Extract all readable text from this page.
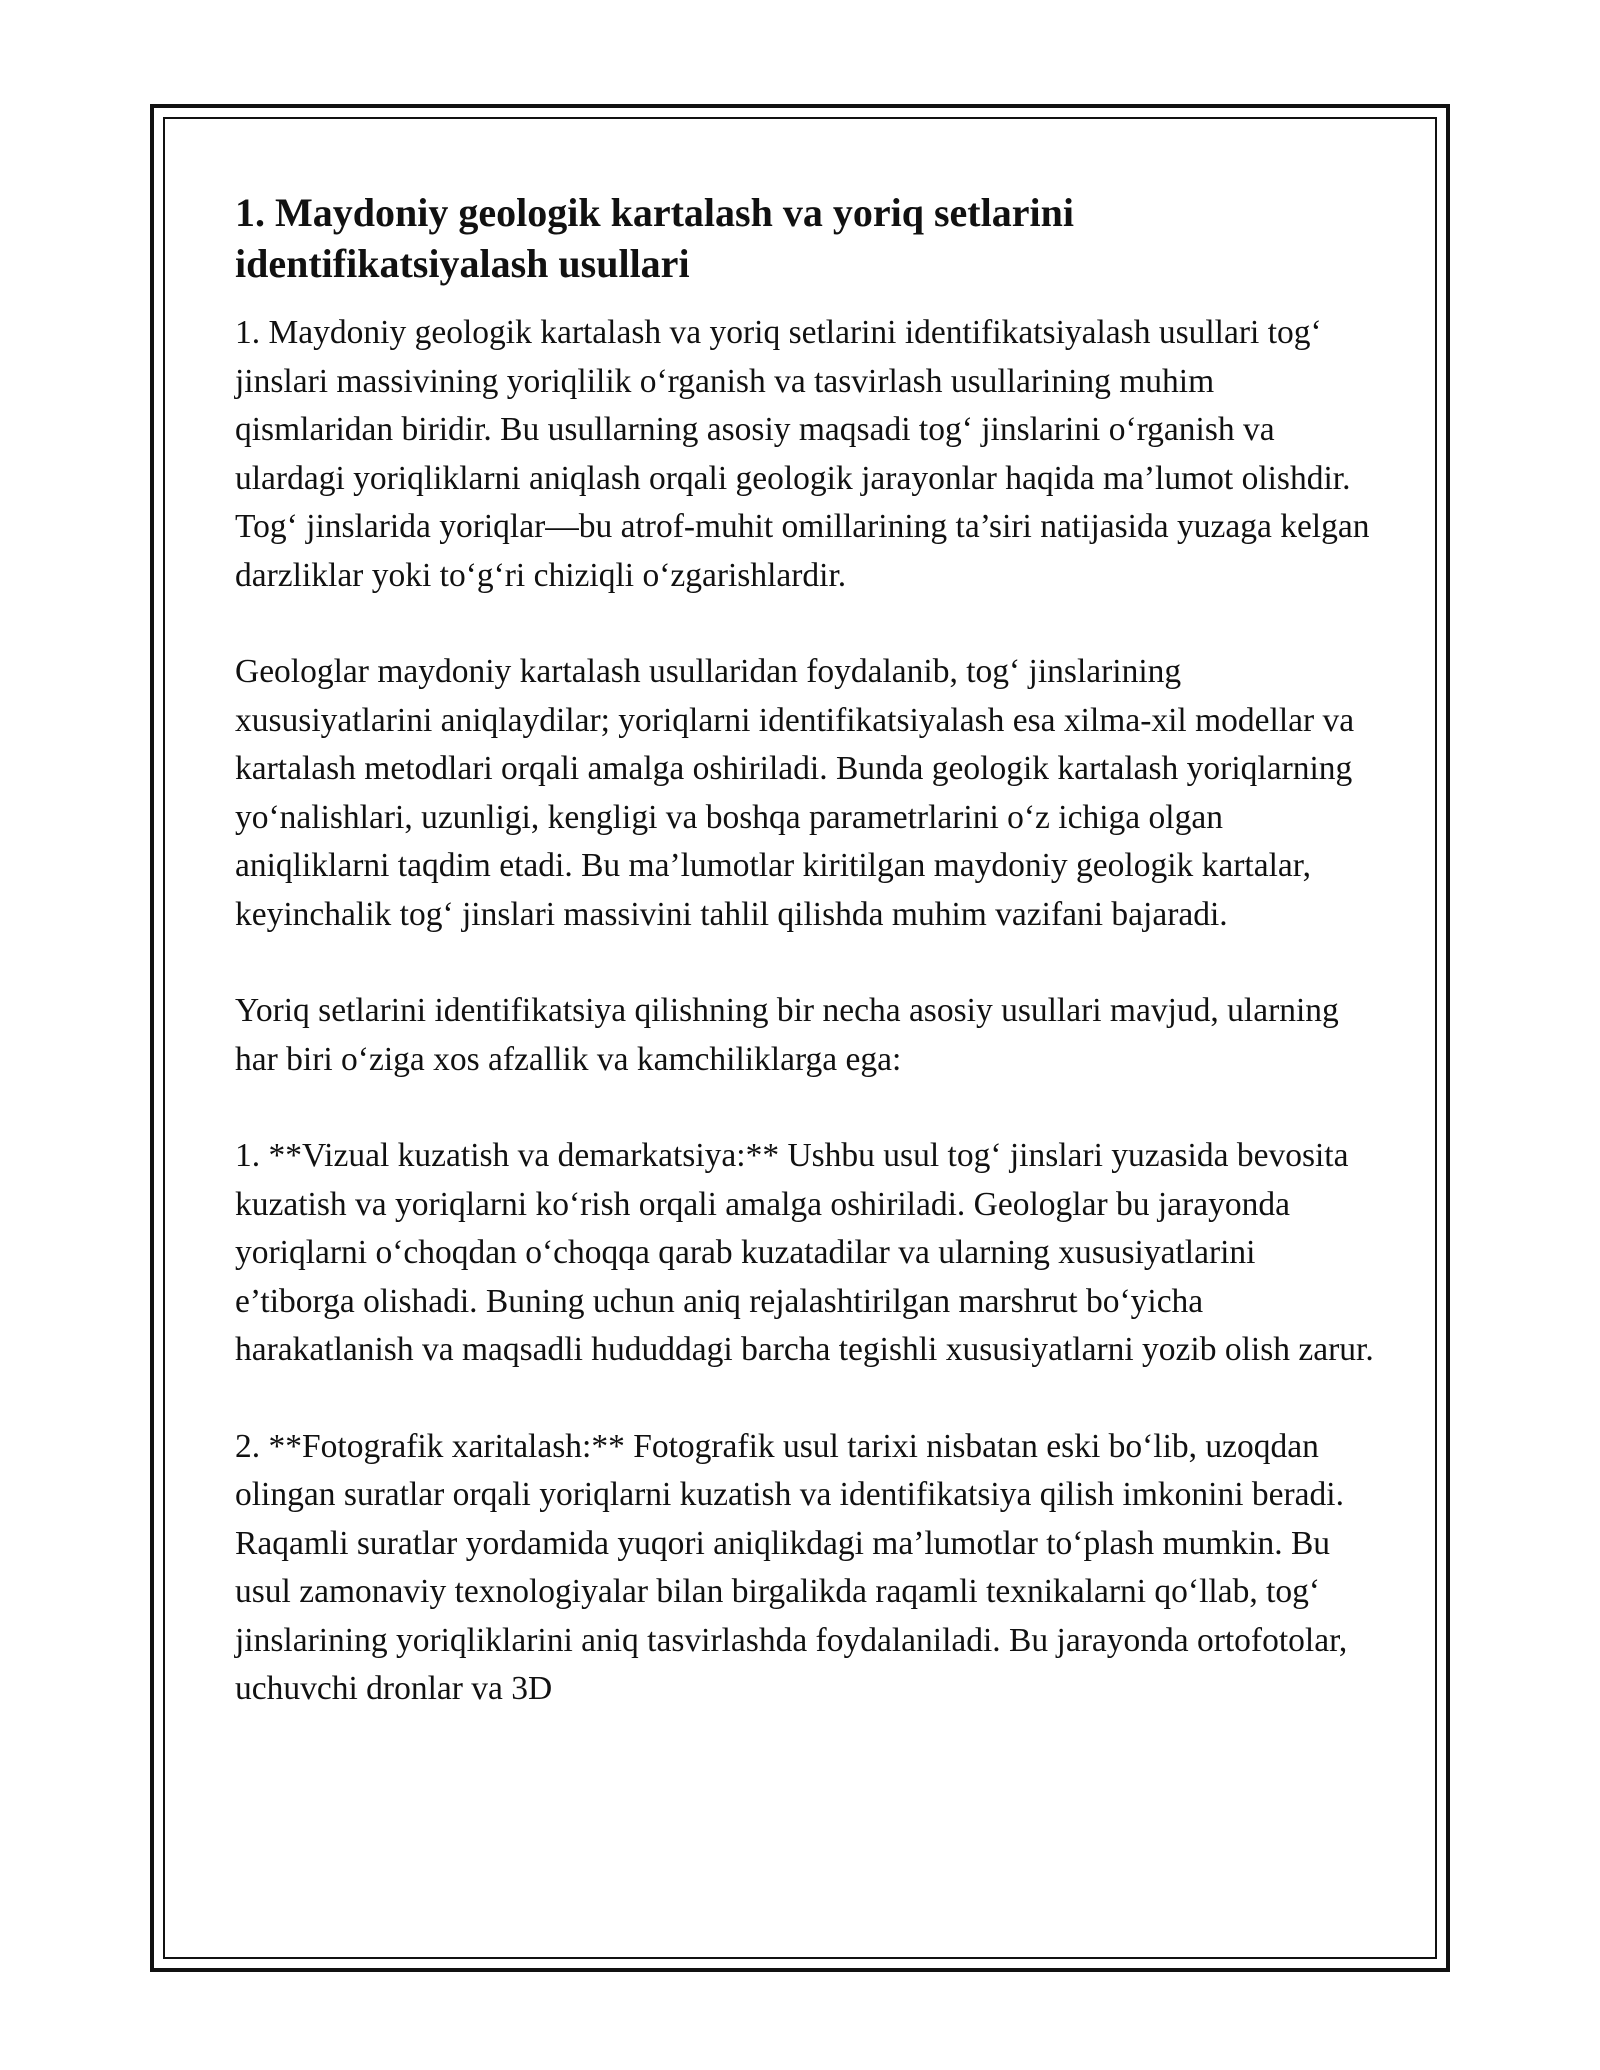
1. Maydoniy geologik kartalash va yoriq setlarini identifikatsiyalash usullari

1. Maydoniy geologik kartalash va yoriq setlarini identifikatsiyalash usullari tog‘ jinslari massivining yoriqlilik o‘rganish va tasvirlash usullarining muhim qismlaridan biridir. Bu usullarning asosiy maqsadi tog‘ jinslarini o‘rganish va ulardagi yoriqliklarni aniqlash orqali geologik jarayonlar haqida ma’lumot olishdir. Tog‘ jinslarida yoriqlar—bu atrof-muhit omillarining ta’siri natijasida yuzaga kelgan darzliklar yoki to‘g‘ri chiziqli o‘zgarishlardir.

Geologlar maydoniy kartalash usullaridan foydalanib, tog‘ jinslarining xususiyatlarini aniqlaydilar; yoriqlarni identifikatsiyalash esa xilma-xil modellar va kartalash metodlari orqali amalga oshiriladi. Bunda geologik kartalash yoriqlarning yo‘nalishlari, uzunligi, kengligi va boshqa parametrlarini o‘z ichiga olgan aniqliklarni taqdim etadi. Bu ma’lumotlar kiritilgan maydoniy geologik kartalar, keyinchalik tog‘ jinslari massivini tahlil qilishda muhim vazifani bajaradi.

Yoriq setlarini identifikatsiya qilishning bir necha asosiy usullari mavjud, ularning har biri o‘ziga xos afzallik va kamchiliklarga ega:

1. **Vizual kuzatish va demarkatsiya:** Ushbu usul tog‘ jinslari yuzasida bevosita kuzatish va yoriqlarni ko‘rish orqali amalga oshiriladi. Geologlar bu jarayonda yoriqlarni o‘choqdan o‘choqqa qarab kuzatadilar va ularning xususiyatlarini e’tiborga olishadi. Buning uchun aniq rejalashtirilgan marshrut bo‘yicha harakatlanish va maqsadli hududdagi barcha tegishli xususiyatlarni yozib olish zarur.

2. **Fotografik xaritalash:** Fotografik usul tarixi nisbatan eski bo‘lib, uzoqdan olingan suratlar orqali yoriqlarni kuzatish va identifikatsiya qilish imkonini beradi. Raqamli suratlar yordamida yuqori aniqlikdagi ma’lumotlar to‘plash mumkin. Bu usul zamonaviy texnologiyalar bilan birgalikda raqamli texnikalarni qo‘llab, tog‘ jinslarining yoriqliklarini aniq tasvirlashda foydalaniladi. Bu jarayonda ortofotolar, uchuvchi dronlar va 3D
